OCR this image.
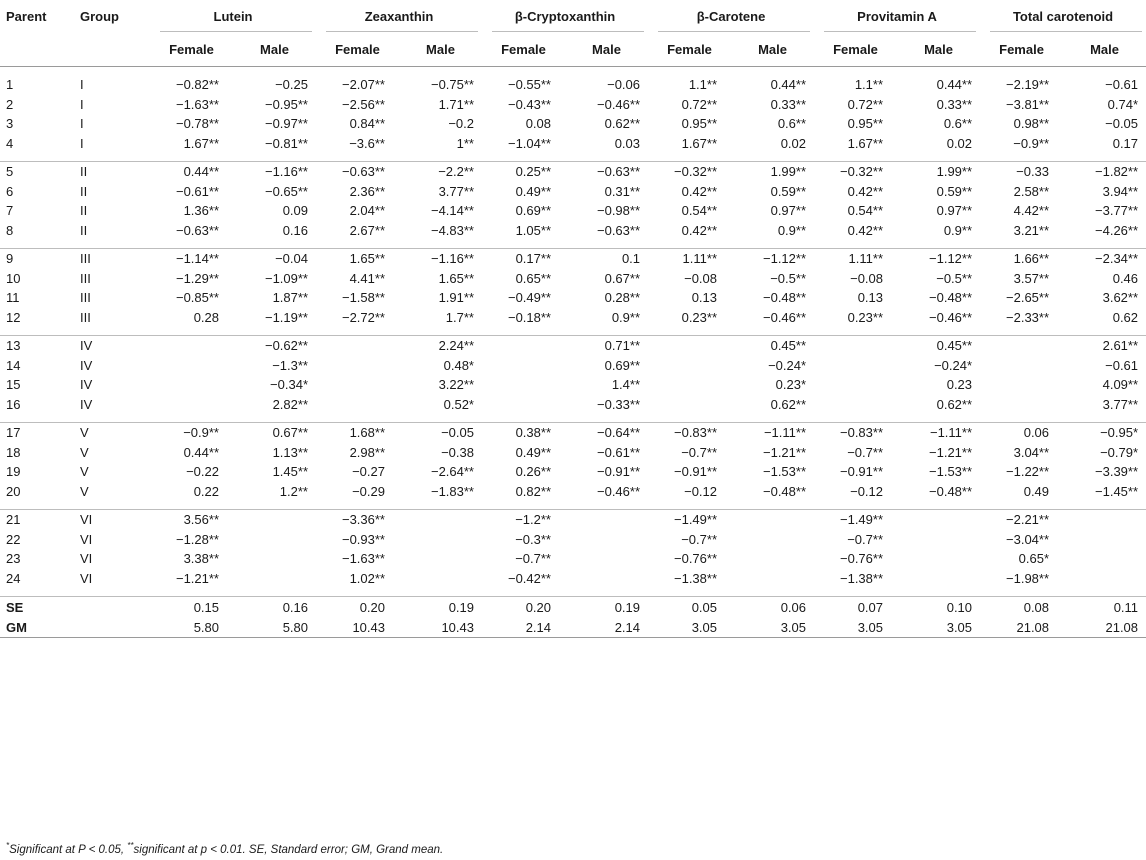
Parent	Group	Lutein		Zeaxanthin		β-Cryptoxanthin		β-Carotene		Provitamin A		Total carotenoid	

		Female	Male	Female	Male	Female	Male	Female	Male	Female	Male	Female	Male

1	I	−0.82**	−0.25	−2.07**	−0.75**	−0.55**	−0.06	1.1**	0.44**	1.1**	0.44**	−2.19**	−0.61
2	I	−1.63**	−0.95**	−2.56**	1.71**	−0.43**	−0.46**	0.72**	0.33**	0.72**	0.33**	−3.81**	0.74*
3	I	−0.78**	−0.97**	0.84**	−0.2	0.08	0.62**	0.95**	0.6**	0.95**	0.6**	0.98**	−0.05
4	I	1.67**	−0.81**	−3.6**	1**	−1.04**	0.03	1.67**	0.02	1.67**	0.02	−0.9**	0.17

5	II	0.44**	−1.16**	−0.63**	−2.2**	0.25**	−0.63**	−0.32**	1.99**	−0.32**	1.99**	−0.33	−1.82**
6	II	−0.61**	−0.65**	2.36**	3.77**	0.49**	0.31**	0.42**	0.59**	0.42**	0.59**	2.58**	3.94**
7	II	1.36**	0.09	2.04**	−4.14**	0.69**	−0.98**	0.54**	0.97**	0.54**	0.97**	4.42**	−3.77**
8	II	−0.63**	0.16	2.67**	−4.83**	1.05**	−0.63**	0.42**	0.9**	0.42**	0.9**	3.21**	−4.26**

9	III	−1.14**	−0.04	1.65**	−1.16**	0.17**	0.1	1.11**	−1.12**	1.11**	−1.12**	1.66**	−2.34**
10	III	−1.29**	−1.09**	4.41**	1.65**	0.65**	0.67**	−0.08	−0.5**	−0.08	−0.5**	3.57**	0.46
11	III	−0.85**	1.87**	−1.58**	1.91**	−0.49**	0.28**	0.13	−0.48**	0.13	−0.48**	−2.65**	3.62**
12	III	0.28	−1.19**	−2.72**	1.7**	−0.18**	0.9**	0.23**	−0.46**	0.23**	−0.46**	−2.33**	0.62

13	IV		−0.62**		2.24**		0.71**		0.45**		0.45**		2.61**
14	IV		−1.3**		0.48*		0.69**		−0.24*		−0.24*		−0.61
15	IV		−0.34*		3.22**		1.4**		0.23*		0.23		4.09**
16	IV		2.82**		0.52*		−0.33**		0.62**		0.62**		3.77**

17	V	−0.9**	0.67**	1.68**	−0.05	0.38**	−0.64**	−0.83**	−1.11**	−0.83**	−1.11**	0.06	−0.95*
18	V	0.44**	1.13**	2.98**	−0.38	0.49**	−0.61**	−0.7**	−1.21**	−0.7**	−1.21**	3.04**	−0.79*
19	V	−0.22	1.45**	−0.27	−2.64**	0.26**	−0.91**	−0.91**	−1.53**	−0.91**	−1.53**	−1.22**	−3.39**
20	V	0.22	1.2**	−0.29	−1.83**	0.82**	−0.46**	−0.12	−0.48**	−0.12	−0.48**	0.49	−1.45**

21	VI	3.56**		−3.36**		−1.2**		−1.49**		−1.49**		−2.21**	
22	VI	−1.28**		−0.93**		−0.3**		−0.7**		−0.7**		−3.04**	
23	VI	3.38**		−1.63**		−0.7**		−0.76**		−0.76**		0.65*	
24	VI	−1.21**		1.02**		−0.42**		−1.38**		−1.38**		−1.98**	

SE		0.15	0.16	0.20	0.19	0.20	0.19	0.05	0.06	0.07	0.10	0.08	0.11
GM		5.80	5.80	10.43	10.43	2.14	2.14	3.05	3.05	3.05	3.05	21.08	21.08
*Significant at P < 0.05, **significant at p < 0.01. SE, Standard error; GM, Grand mean.
